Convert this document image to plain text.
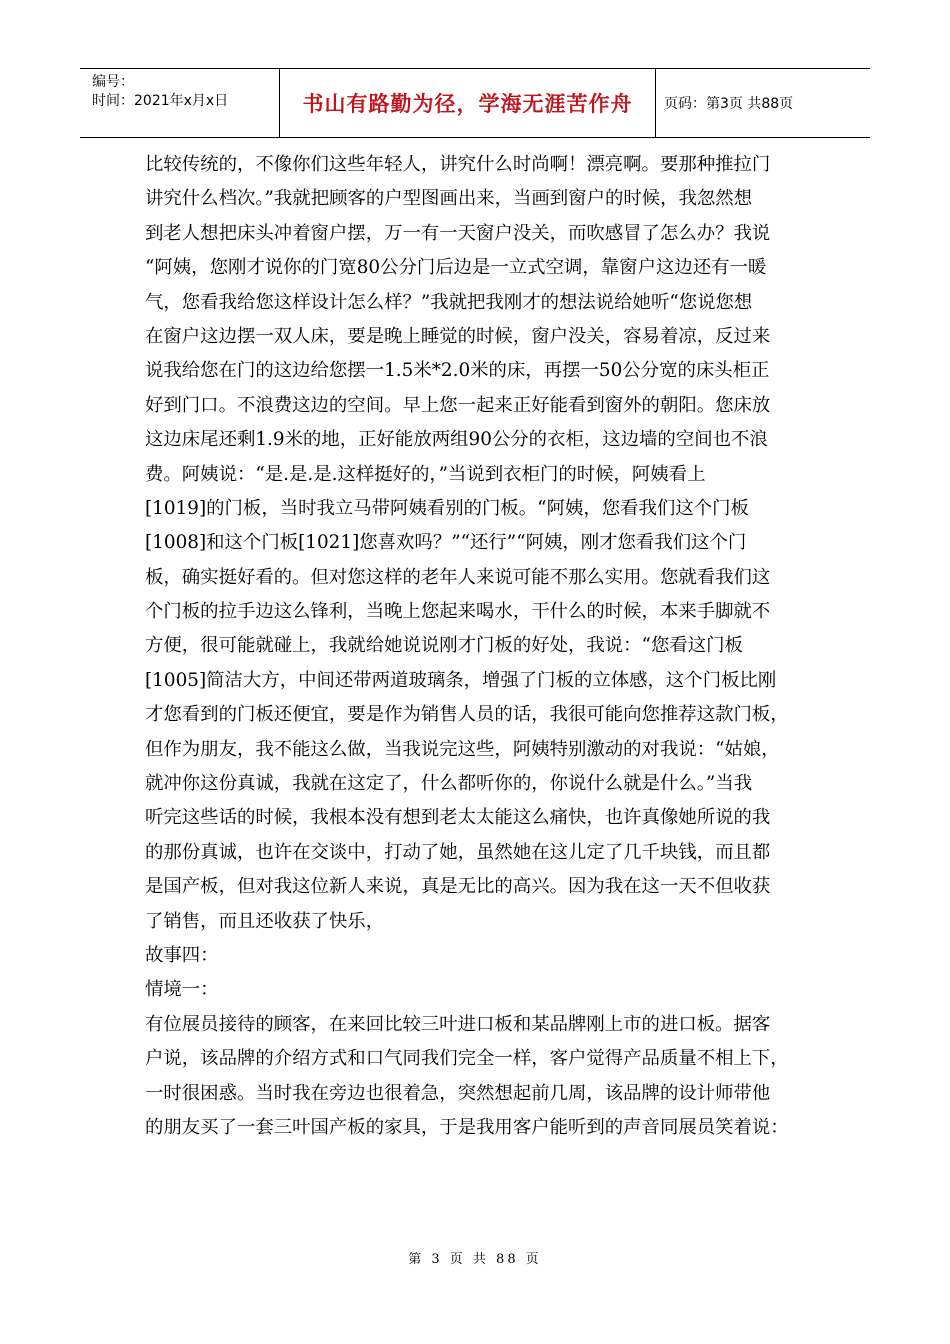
编号：
时间：2021年x月x日	书山有路勤为径，学海无涯苦作舟 页码：第3页 共88页
比较传统的，不像你们这些年轻人，讲究什么时尚啊！漂亮啊。要那种推拉门
讲究什么档次。”我就把顾客的户型图画出来，当画到窗户的时候，我忽然想
到老人想把床头冲着窗户摆，万一有一天窗户没关，而吹感冒了怎么办？我说
“阿姨，您刚才说你的门宽80公分门后边是一立式空调，靠窗户这边还有一暖
气，您看我给您这样设计怎么样？”我就把我刚才的想法说给她听“您说您想
在窗户这边摆一双人床，要是晚上睡觉的时候，窗户没关，容易着凉，反过来
说我给您在门的这边给您摆一1.5米*2.0米的床，再摆一50公分宽的床头柜正
好到门口。不浪费这边的空间。早上您一起来正好能看到窗外的朝阳。您床放
这边床尾还剩1.9米的地，正好能放两组90公分的衣柜，这边墙的空间也不浪
费。阿姨说：“是.是.是.这样挺好的，”当说到衣柜门的时候，阿姨看上
[1019]的门板，当时我立马带阿姨看别的门板。“阿姨，您看我们这个门板
[1008]和这个门板[1021]您喜欢吗？”“还行”“阿姨，刚才您看我们这个门
板，确实挺好看的。但对您这样的老年人来说可能不那么实用。您就看我们这
个门板的拉手边这么锋利，当晚上您起来喝水，干什么的时候，本来手脚就不
方便，很可能就碰上，我就给她说说刚才门板的好处，我说：“您看这门板
[1005]简洁大方，中间还带两道玻璃条，增强了门板的立体感，这个门板比刚
才您看到的门板还便宜，要是作为销售人员的话，我很可能向您推荐这款门板，
但作为朋友，我不能这么做，当我说完这些，阿姨特别激动的对我说：“姑娘，
就冲你这份真诚，我就在这定了，什么都听你的，你说什么就是什么。”当我
听完这些话的时候，我根本没有想到老太太能这么痛快，也许真像她所说的我
的那份真诚，也许在交谈中，打动了她，虽然她在这儿定了几千块钱，而且都
是国产板，但对我这位新人来说，真是无比的高兴。因为我在这一天不但收获
了销售，而且还收获了快乐，
故事四：
情境一：
有位展员接待的顾客，在来回比较三叶进口板和某品牌刚上市的进口板。据客
户说，该品牌的介绍方式和口气同我们完全一样，客户觉得产品质量不相上下，
一时很困惑。当时我在旁边也很着急，突然想起前几周，该品牌的设计师带他
的朋友买了一套三叶国产板的家具，于是我用客户能听到的声音同展员笑着说：
第 3 页 共 88 页
